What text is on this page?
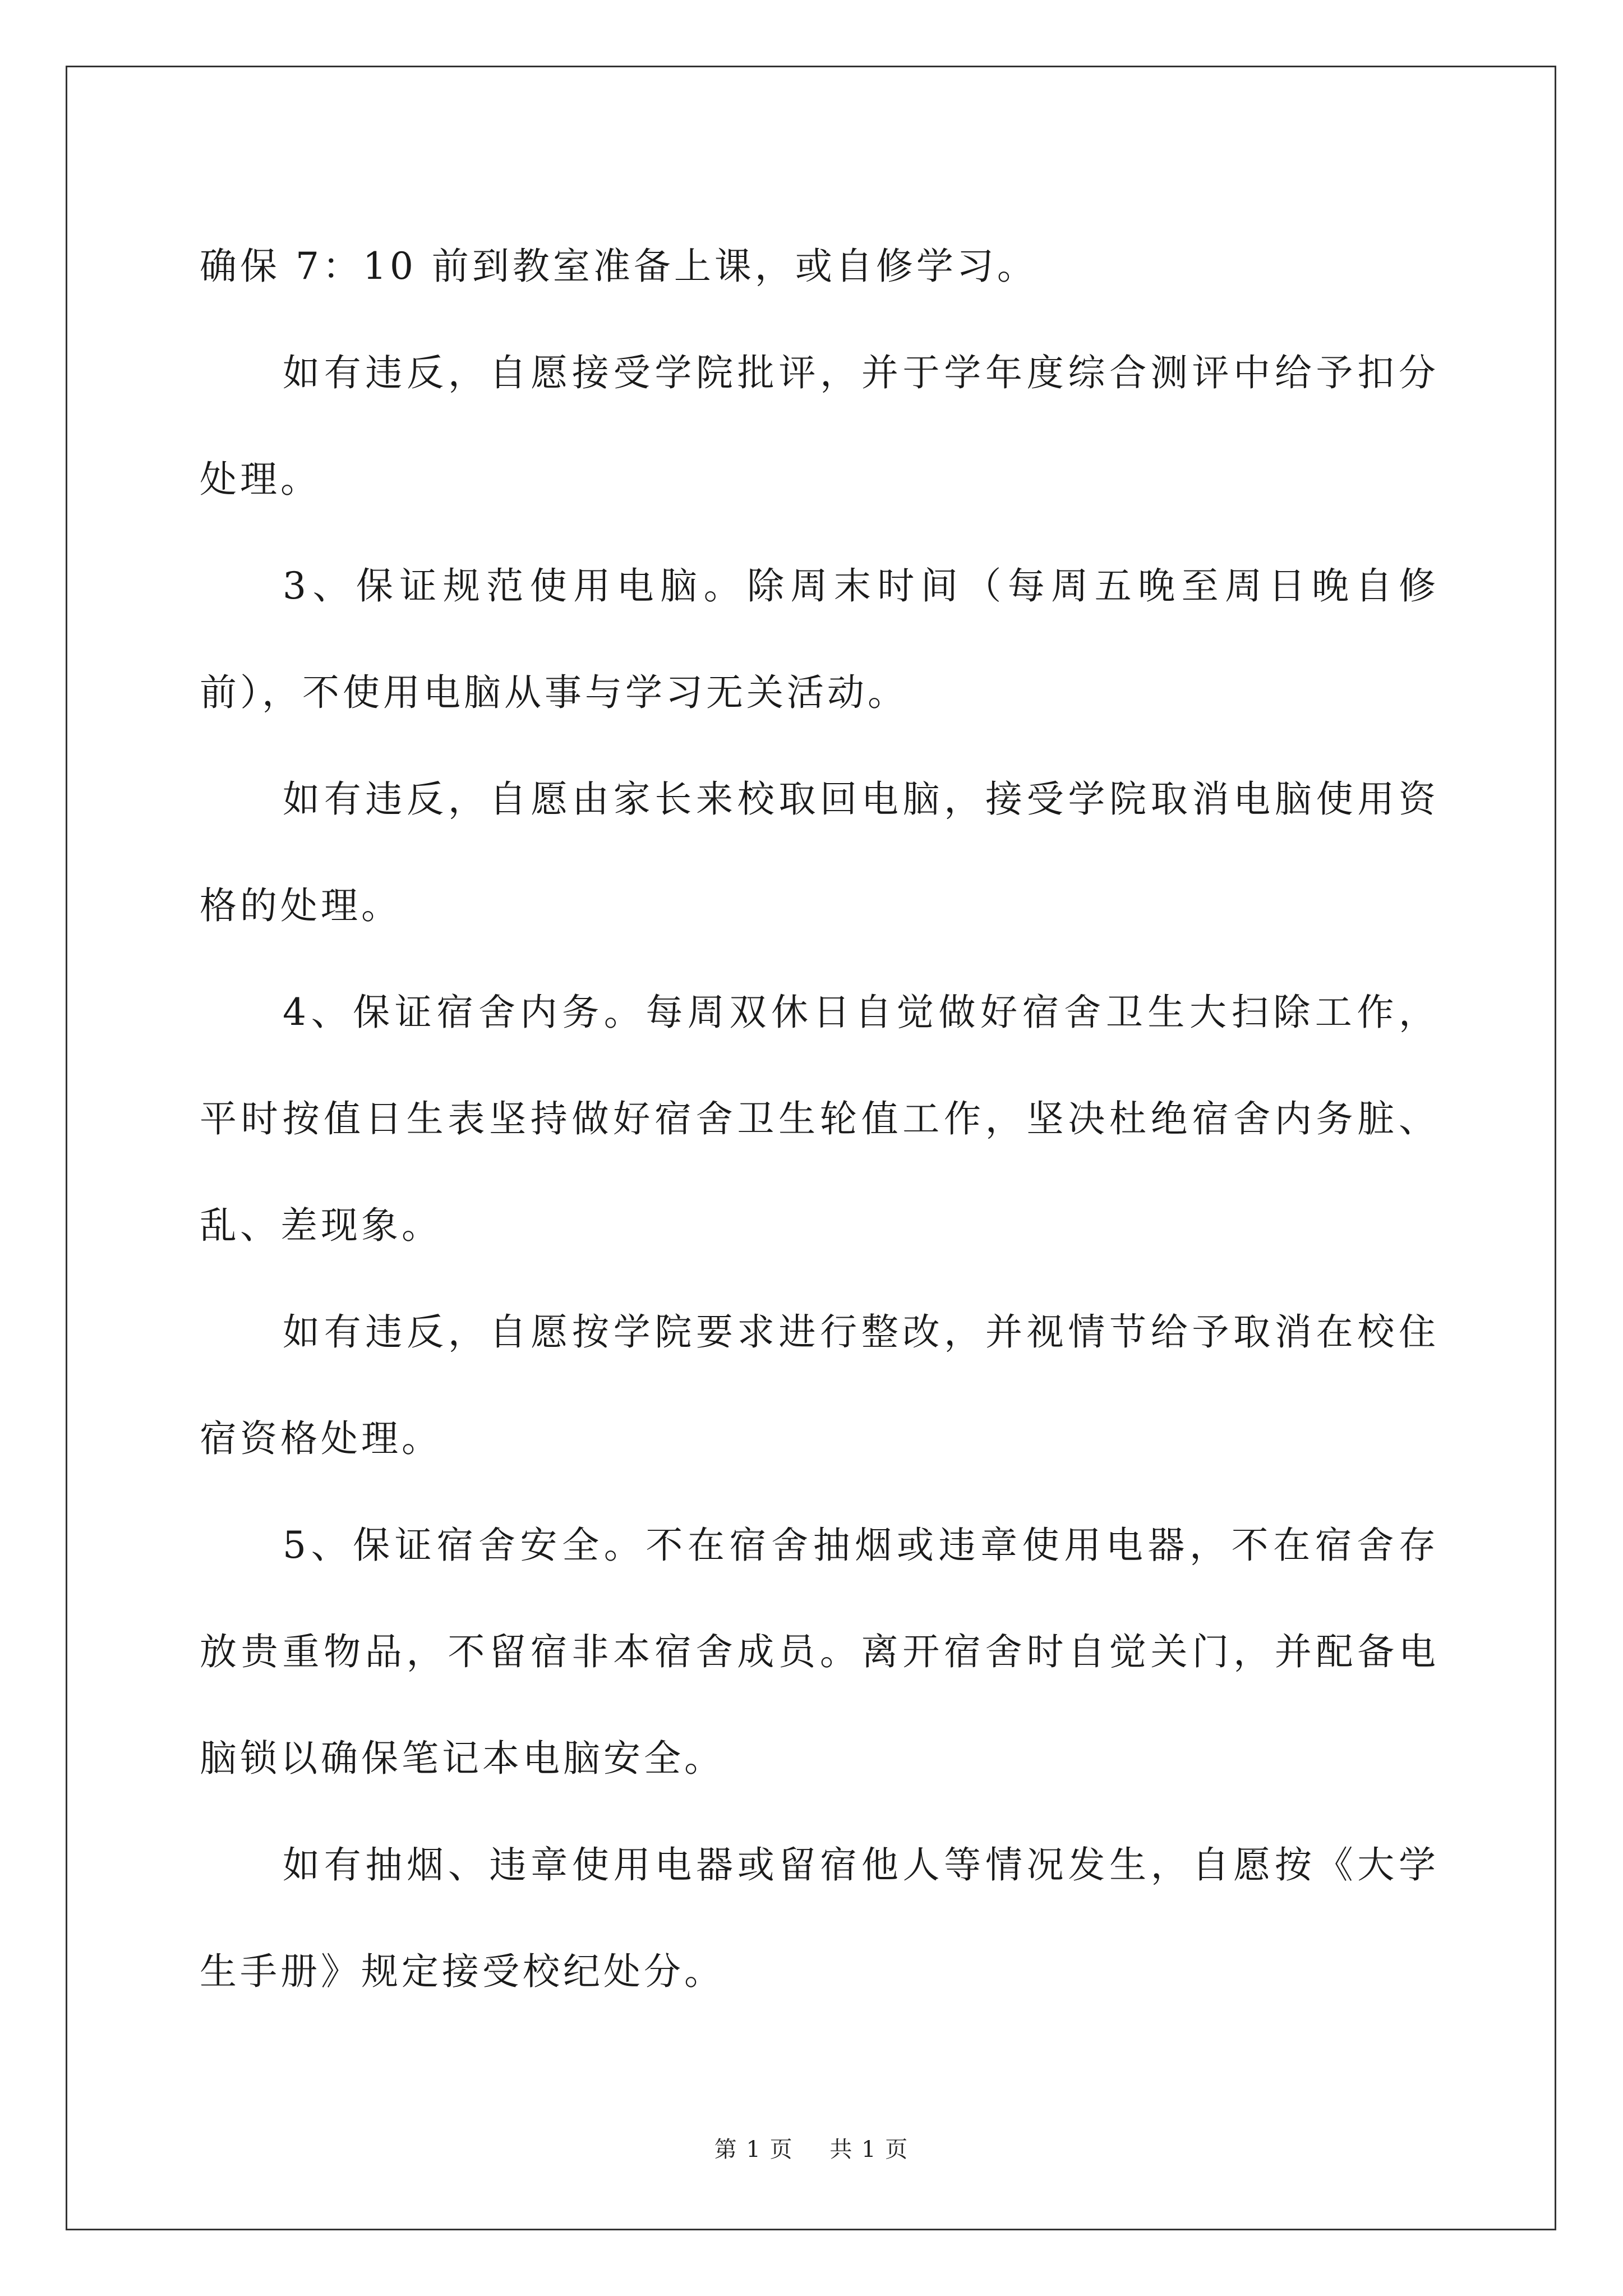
确保 7：10 前到教室准备上课，或自修学习。

如有违反，自愿接受学院批评，并于学年度综合测评中给予扣分处理。

3、保证规范使用电脑。除周末时间（每周五晚至周日晚自修前），不使用电脑从事与学习无关活动。

如有违反，自愿由家长来校取回电脑，接受学院取消电脑使用资格的处理。

4、保证宿舍内务。每周双休日自觉做好宿舍卫生大扫除工作，平时按值日生表坚持做好宿舍卫生轮值工作，坚决杜绝宿舍内务脏、乱、差现象。

如有违反，自愿按学院要求进行整改，并视情节给予取消在校住宿资格处理。

5、保证宿舍安全。不在宿舍抽烟或违章使用电器，不在宿舍存放贵重物品，不留宿非本宿舍成员。离开宿舍时自觉关门，并配备电脑锁以确保笔记本电脑安全。

如有抽烟、违章使用电器或留宿他人等情况发生，自愿按《大学生手册》规定接受校纪处分。

第 1 页 共 1 页
